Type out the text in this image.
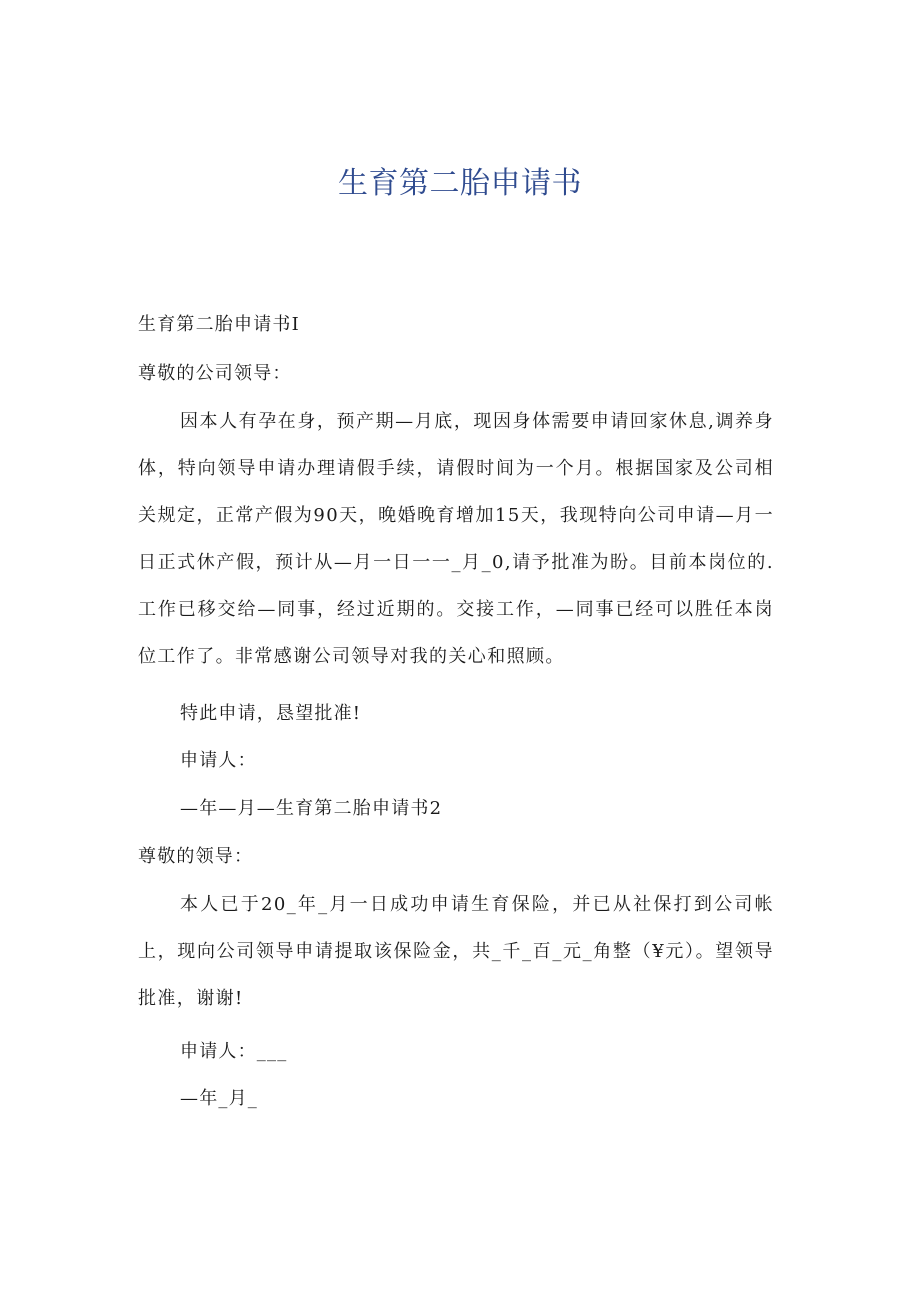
生育第二胎申请书
生育第二胎申请书I
尊敬的公司领导：
因本人有孕在身，预产期—月底，现因身体需要申请回家休息,调养身体，特向领导申请办理请假手续，请假时间为一个月。根据国家及公司相关规定，正常产假为90天，晚婚晚育增加15天，我现特向公司申请—月一日正式休产假，预计从—月一日一一_月_0,请予批准为盼。目前本岗位的.工作已移交给—同事，经过近期的。交接工作，—同事已经可以胜任本岗位工作了。非常感谢公司领导对我的关心和照顾。
特此申请，恳望批准!
申请人：
—年—月—生育第二胎申请书2
尊敬的领导：
本人已于20_年_月一日成功申请生育保险，并已从社保打到公司帐上，现向公司领导申请提取该保险金，共_千_百_元_角整（¥元）。望领导批准，谢谢!
申请人：___
—年_月_
